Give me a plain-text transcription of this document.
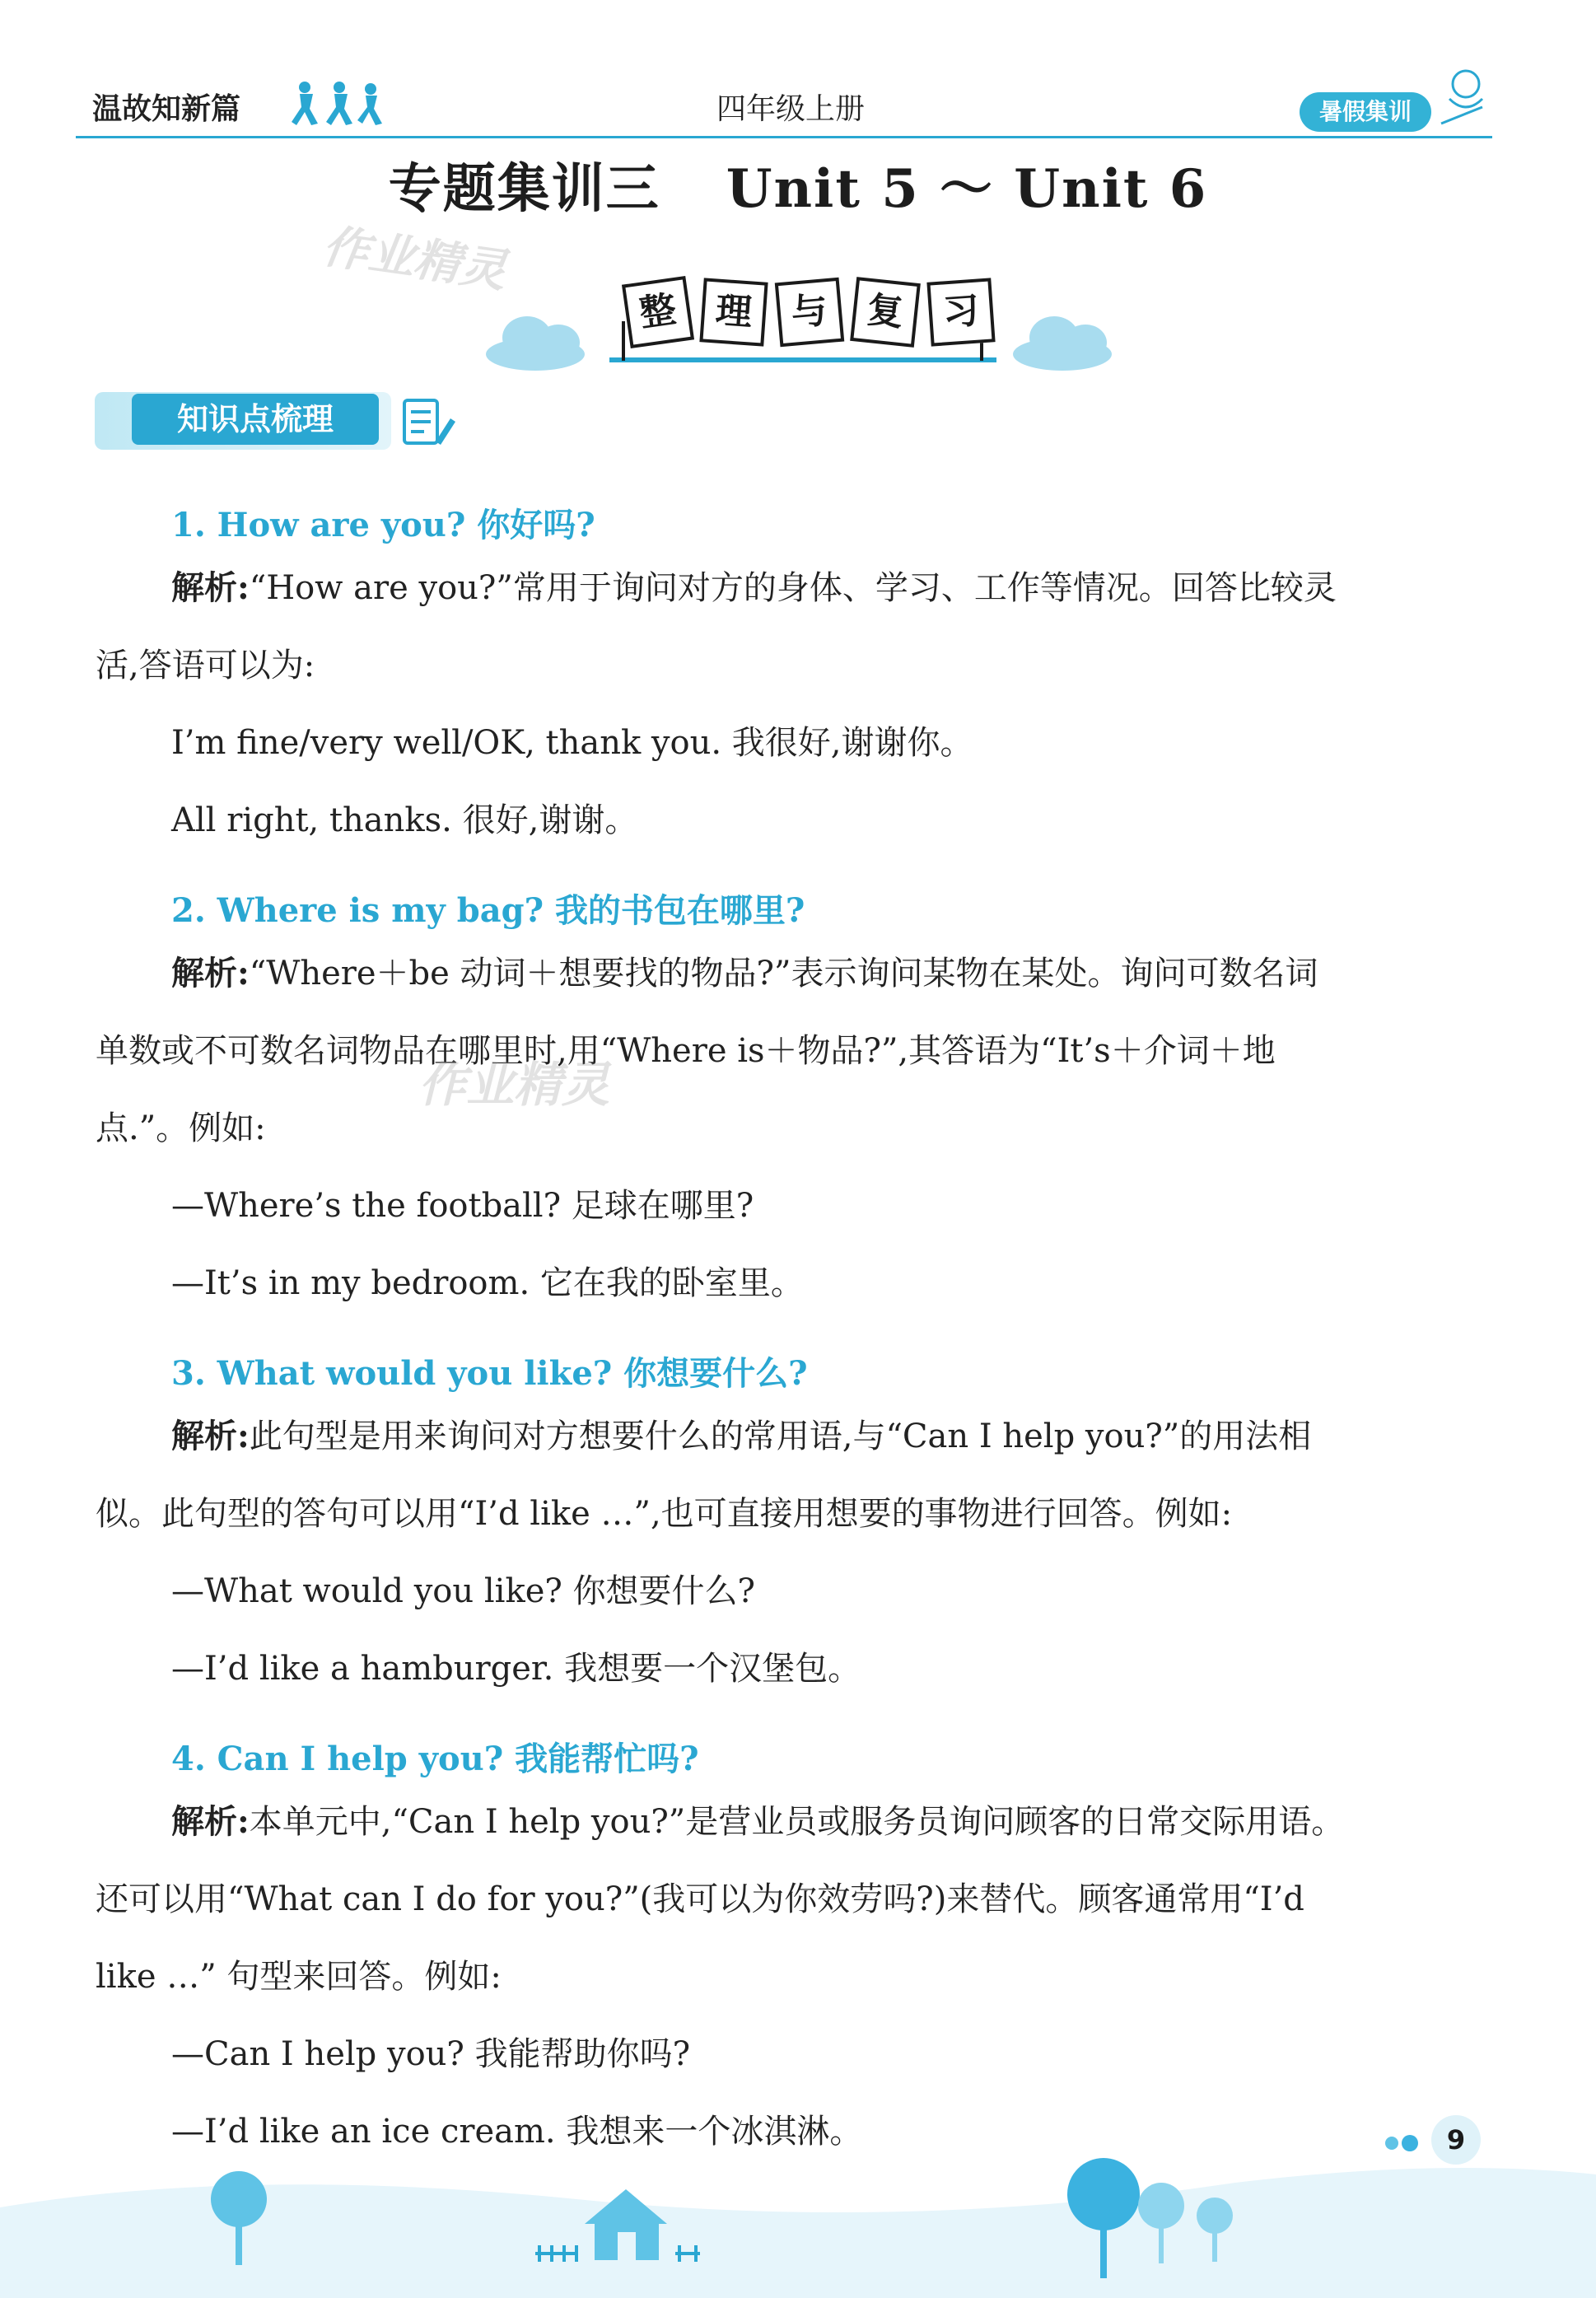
温故知新篇	四年级上册	暑假集训
专题集训三 Unit 5 ～ Unit 6
作业精灵
整 理	与 复 习
知识点梳理
1. How are you? 你好吗?
解析:“How are you?”常用于询问对方的身体、学习、工作等情况。回答比较灵
活,答语可以为:
I’m fine/very well/OK, thank you. 我很好,谢谢你。
All right, thanks. 很好,谢谢。
2. Where is my bag? 我的书包在哪里?
解析:“Where＋be 动词＋想要找的物品?”表示询问某物在某处。询问可数名词
单数或不可数名词物品在哪里时,用“Where is＋物品?”,其答语为“It’s＋介词＋地
作业精灵
点.”。例如:
—Where’s the football? 足球在哪里?
—It’s in my bedroom. 它在我的卧室里。
3. What would you like? 你想要什么?
解析:此句型是用来询问对方想要什么的常用语,与“Can I help you?”的用法相
似。此句型的答句可以用“I’d like …”,也可直接用想要的事物进行回答。例如:
—What would you like? 你想要什么?
—I’d like a hamburger. 我想要一个汉堡包。
4. Can I help you? 我能帮忙吗?
解析:本单元中,“Can I help you?”是营业员或服务员询问顾客的日常交际用语。
还可以用“What can I do for you?”(我可以为你效劳吗?)来替代。顾客通常用“I’d
like …” 句型来回答。例如:
—Can I help you? 我能帮助你吗?
—I’d like an ice cream. 我想来一个冰淇淋。	9
